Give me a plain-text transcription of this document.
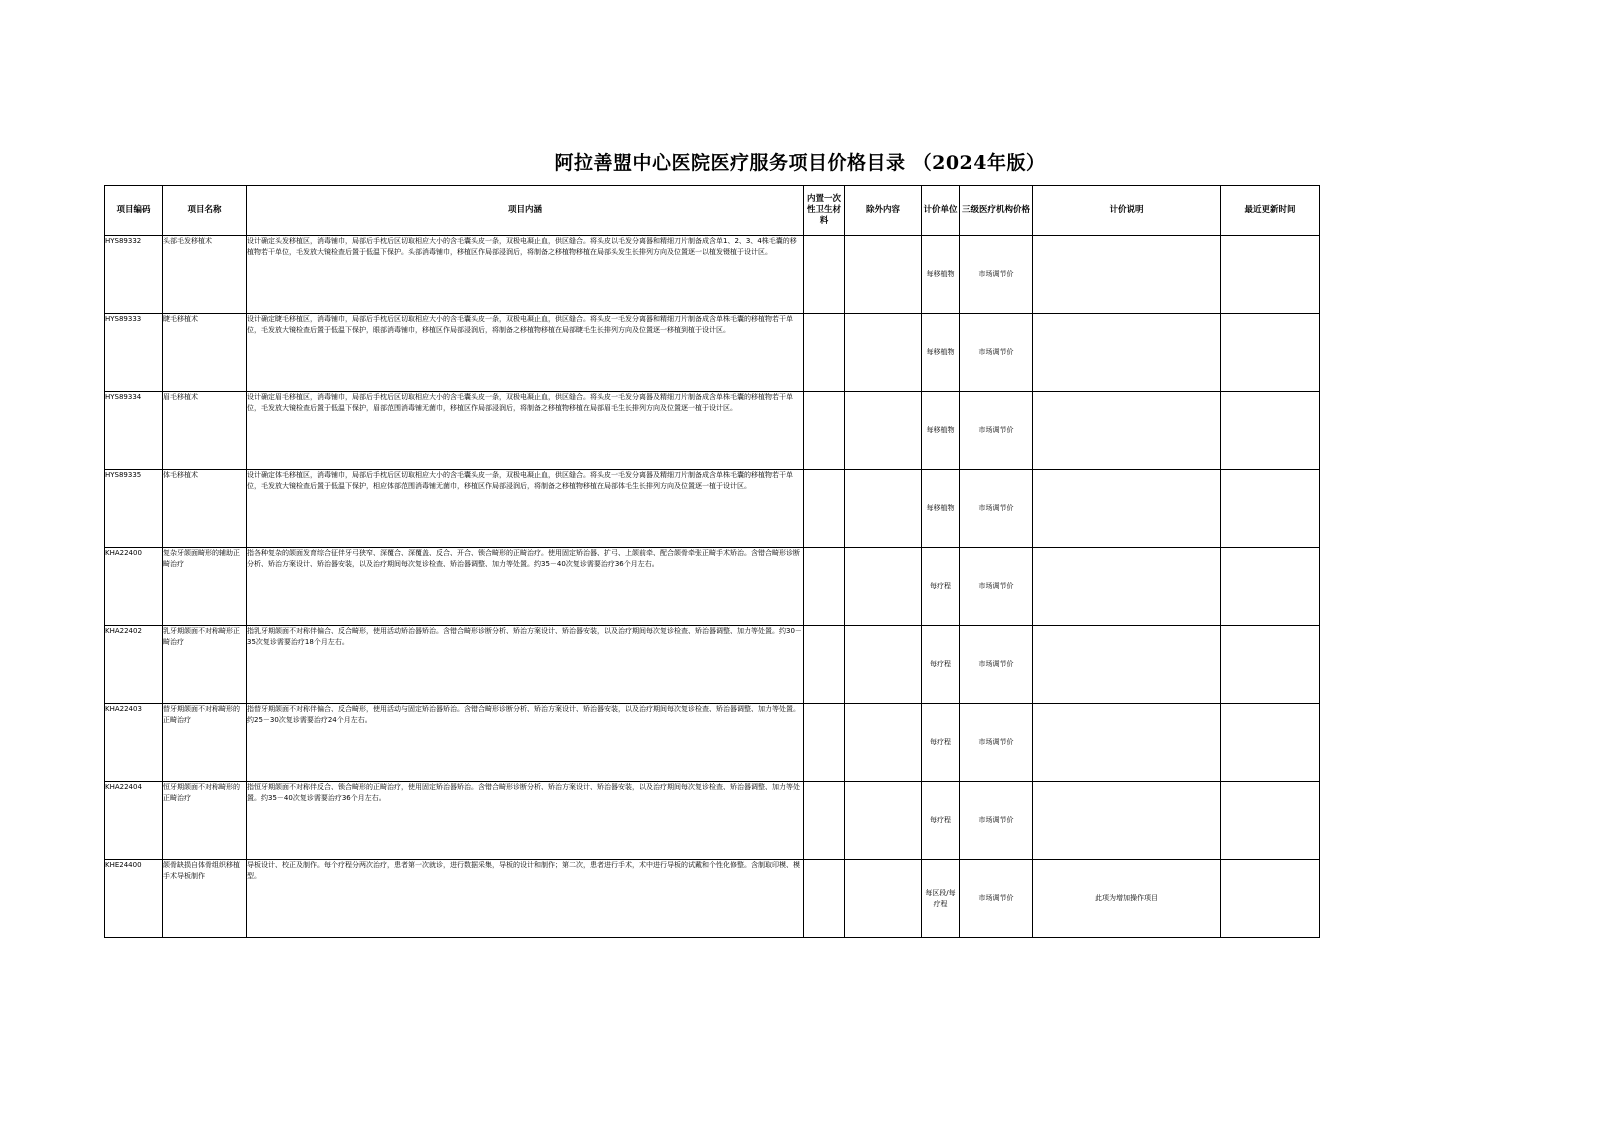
阿拉善盟中心医院医疗服务项目价格目录 （2024年版）
项目编码	项目名称	项目内涵	内置一次性卫生材料	除外内容	计价单位	三级医疗机构价格	计价说明	最近更新时间
HYS89332	头部毛发移植术	设计确定头发移植区，消毒铺巾，局部后手枕后区切取相应大小的含毛囊头皮一条，双极电凝止血，供区缝合。将头皮以毛发分离器和精细刀片制备成含单1、2、3、4株毛囊的移植物若干单位，毛发放大镜检查后置于低温下保护。头部消毒铺巾，移植区作局部浸润后，将制备之移植物移植在局部头发生长排列方向及位置逐一以植发镊植于设计区。			每移植物	市场调节价		
HYS89333	睫毛移植术	设计确定睫毛移植区，消毒铺巾，局部后手枕后区切取相应大小的含毛囊头皮一条，双极电凝止血，供区缝合。将头皮一毛发分离器和精细刀片制备成含单株毛囊的移植物若干单位，毛发放大镜检查后置于低温下保护，眼部消毒铺巾，移植区作局部浸润后，将制备之移植物移植在局部睫毛生长排列方向及位置逐一移植到植于设计区。			每移植物	市场调节价		
HYS89334	眉毛移植术	设计确定眉毛移植区，消毒铺巾，局部后手枕后区切取相应大小的含毛囊头皮一条，双极电凝止血，供区缝合。将头皮一毛发分离器及精细刀片制备成含单株毛囊的移植物若干单位，毛发放大镜检查后置于低温下保护，眉部范围消毒铺无菌巾，移植区作局部浸润后，将制备之移植物移植在局部眉毛生长排列方向及位置逐一植于设计区。			每移植物	市场调节价		
HYS89335	体毛移植术	设计确定体毛移植区，消毒铺巾，局部后手枕后区切取相应大小的含毛囊头皮一条，双极电凝止血，供区缝合。将头皮一毛发分离器及精细刀片制备成含单株毛囊的移植物若干单位，毛发放大镜检查后置于低温下保护，相应体部范围消毒铺无菌巾，移植区作局部浸润后，将制备之移植物移植在局部体毛生长排列方向及位置逐一植于设计区。			每移植物	市场调节价		
KHA22400	复杂牙颌面畸形的辅助正畸治疗	指各种复杂的颌面发育综合征伴牙弓狭窄、深覆合、深覆盖、反合、开合、锁合畸形的正畸治疗。使用固定矫治器、扩弓、上颌前牵、配合颌骨牵张正畸手术矫治。含错合畸形诊断分析、矫治方案设计、矫治器安装，以及治疗期间每次复诊检查、矫治器调整、加力等处置。约35－40次复诊需要治疗36个月左右。			每疗程	市场调节价		
KHA22402	乳牙期颌面不对称畸形正畸治疗	指乳牙期颌面不对称伴偏合、反合畸形，使用活动矫治器矫治。含错合畸形诊断分析、矫治方案设计、矫治器安装，以及治疗期间每次复诊检查、矫治器调整、加力等处置。约30－35次复诊需要治疗18个月左右。			每疗程	市场调节价		
KHA22403	替牙期颌面不对称畸形的正畸治疗	指替牙期颌面不对称伴偏合、反合畸形，使用活动与固定矫治器矫治。含错合畸形诊断分析、矫治方案设计、矫治器安装，以及治疗期间每次复诊检查、矫治器调整、加力等处置。约25－30次复诊需要治疗24个月左右。			每疗程	市场调节价		
KHA22404	恒牙期颌面不对称畸形的正畸治疗	指恒牙期颌面不对称伴反合、锁合畸形的正畸治疗，使用固定矫治器矫治。含错合畸形诊断分析、矫治方案设计、矫治器安装，以及治疗期间每次复诊检查、矫治器调整、加力等处置。约35－40次复诊需要治疗36个月左右。			每疗程	市场调节价		
KHE24400	颌骨缺损自体骨组织移植手术导板制作	导板设计、校正及制作。每个疗程分两次治疗，患者第一次就诊，进行数据采集，导板的设计和制作；第二次，患者进行手术，术中进行导板的试戴和个性化修整。含制取印模、模型。			每区段/每疗程	市场调节价	此项为增加操作项目	
